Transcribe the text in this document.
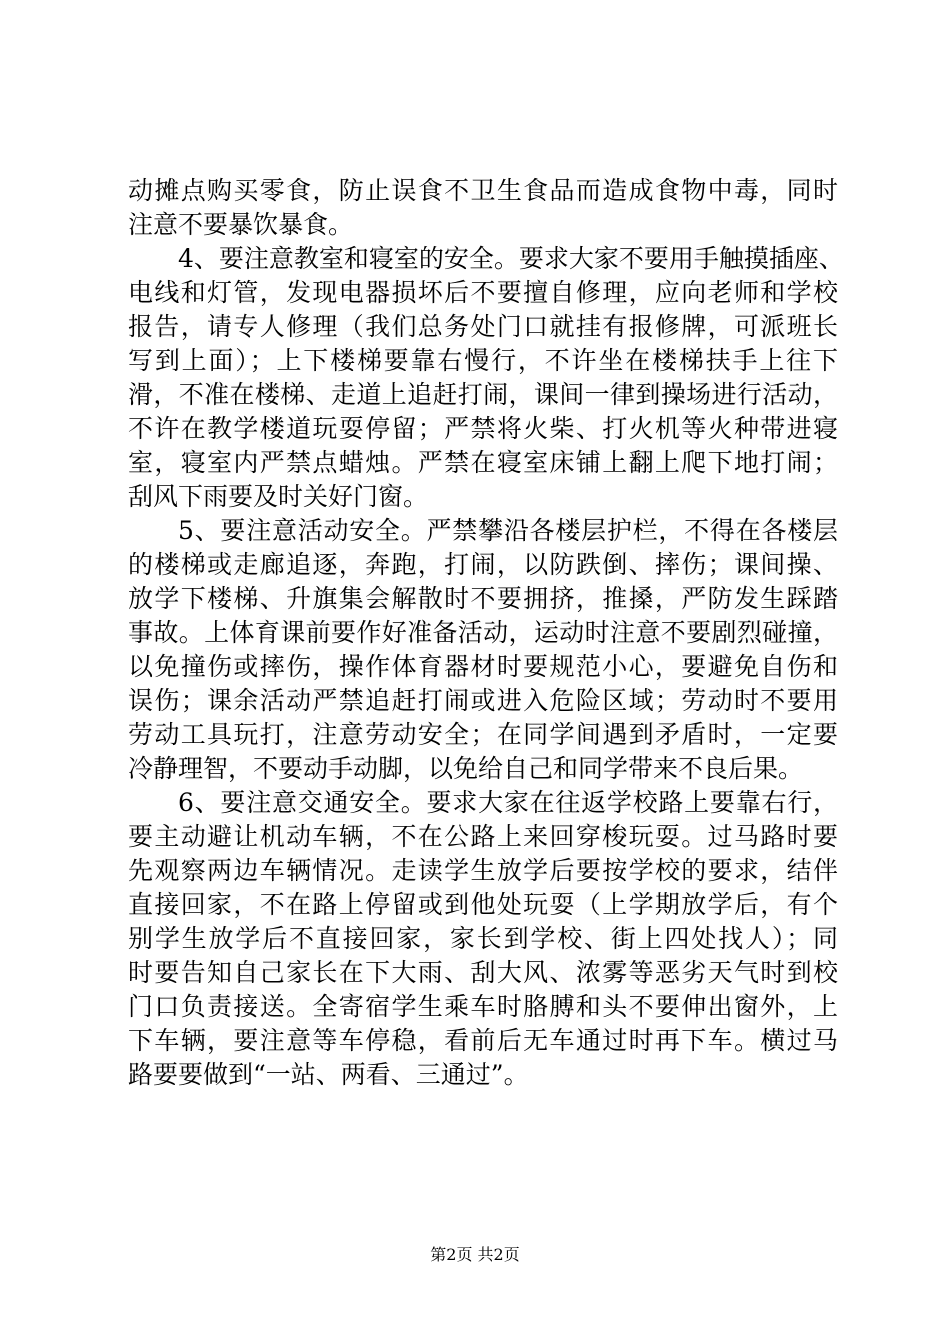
动摊点购买零食，防止误食不卫生食品而造成食物中毒，同时
注意不要暴饮暴食。
4、要注意教室和寝室的安全。要求大家不要用手触摸插座、
电线和灯管，发现电器损坏后不要擅自修理，应向老师和学校
报告，请专人修理（我们总务处门口就挂有报修牌，可派班长
写到上面）；上下楼梯要靠右慢行，不许坐在楼梯扶手上往下
滑，不准在楼梯、走道上追赶打闹，课间一律到操场进行活动，
不许在教学楼道玩耍停留；严禁将火柴、打火机等火种带进寝
室，寝室内严禁点蜡烛。严禁在寝室床铺上翻上爬下地打闹；
刮风下雨要及时关好门窗。
5、要注意活动安全。严禁攀沿各楼层护栏，不得在各楼层
的楼梯或走廊追逐，奔跑，打闹，以防跌倒、摔伤；课间操、
放学下楼梯、升旗集会解散时不要拥挤，推搡，严防发生踩踏
事故。上体育课前要作好准备活动，运动时注意不要剧烈碰撞，
以免撞伤或摔伤，操作体育器材时要规范小心，要避免自伤和
误伤；课余活动严禁追赶打闹或进入危险区域；劳动时不要用
劳动工具玩打，注意劳动安全；在同学间遇到矛盾时，一定要
冷静理智，不要动手动脚，以免给自己和同学带来不良后果。
6、要注意交通安全。要求大家在往返学校路上要靠右行，
要主动避让机动车辆，不在公路上来回穿梭玩耍。过马路时要
先观察两边车辆情况。走读学生放学后要按学校的要求，结伴
直接回家，不在路上停留或到他处玩耍（上学期放学后，有个
别学生放学后不直接回家，家长到学校、街上四处找人）；同
时要告知自己家长在下大雨、刮大风、浓雾等恶劣天气时到校
门口负责接送。全寄宿学生乘车时胳膊和头不要伸出窗外，上
下车辆，要注意等车停稳，看前后无车通过时再下车。横过马
路要要做到“一站、两看、三通过”。
第2页 共2页
